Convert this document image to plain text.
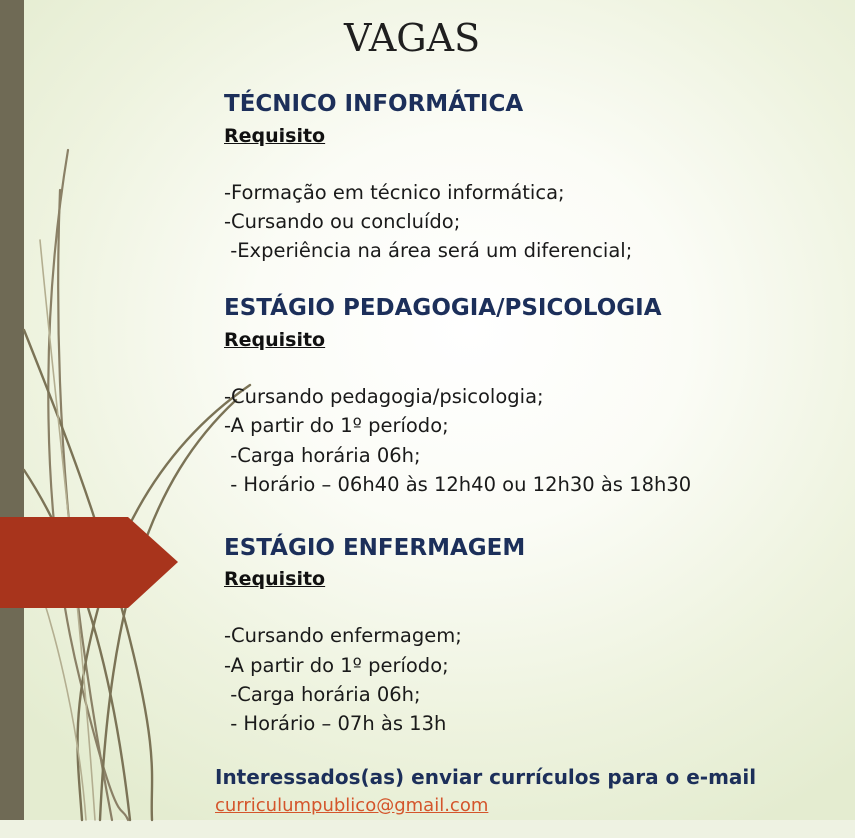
VAGAS
TÉCNICO INFORMÁTICA
Requisito
-Formação em técnico informática;
-Cursando ou concluído;
-Experiência na área será um diferencial;
ESTÁGIO PEDAGOGIA/PSICOLOGIA
Requisito
-Cursando pedagogia/psicologia;
-A partir do 1º período;
-Carga horária 06h;
- Horário – 06h40 às 12h40 ou 12h30 às 18h30
ESTÁGIO ENFERMAGEM
Requisito
-Cursando enfermagem;
-A partir do 1º período;
-Carga horária 06h;
- Horário – 07h às 13h
Interessados(as) enviar currículos para o e-mail
curriculumpublico@gmail.com
